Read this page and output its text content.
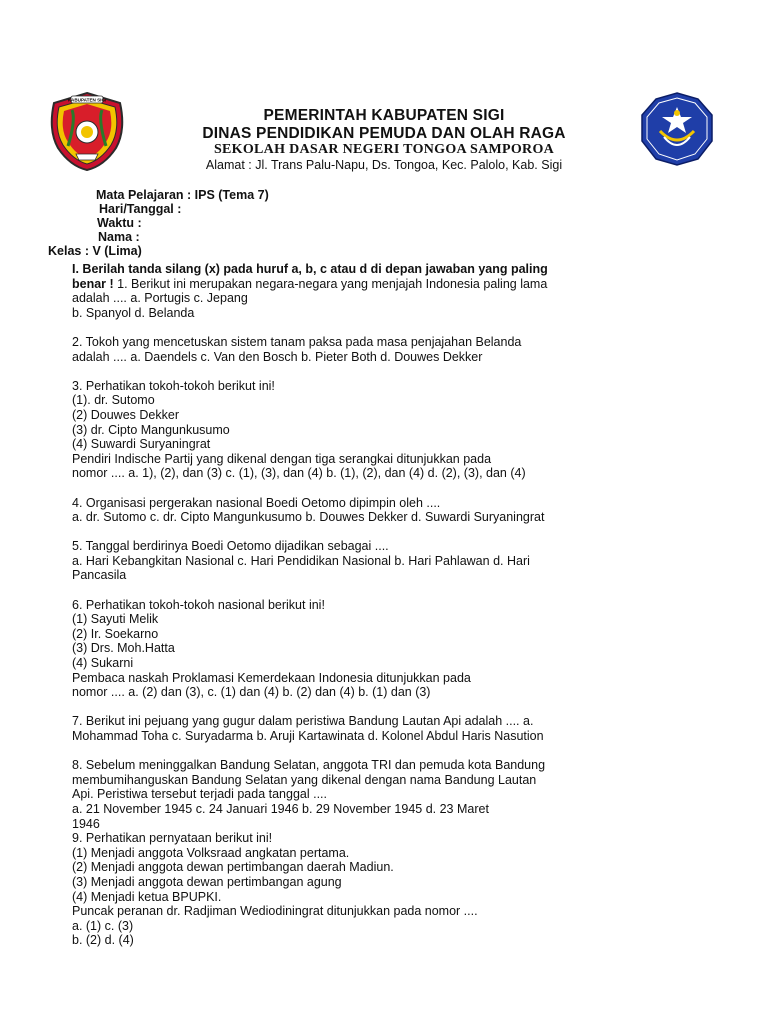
KABUPATEN SIGI
PEMERINTAH KABUPATEN SIGI
DINAS PENDIDIKAN PEMUDA DAN OLAH RAGA
SEKOLAH DASAR NEGERI TONGOA SAMPOROA
Alamat : Jl. Trans Palu-Napu, Ds. Tongoa, Kec. Palolo, Kab. Sigi
Mata Pelajaran : IPS (Tema 7)
Hari/Tanggal :
Waktu :
Nama :
Kelas : V (Lima)
I. Berilah tanda silang (x) pada huruf a, b, c atau d di depan jawaban yang paling
benar ! 1. Berikut ini merupakan negara-negara yang menjajah Indonesia paling lama
adalah .... a. Portugis c. Jepang
b. Spanyol d. Belanda
2. Tokoh yang mencetuskan sistem tanam paksa pada masa penjajahan Belanda
adalah .... a. Daendels c. Van den Bosch b. Pieter Both d. Douwes Dekker
3. Perhatikan tokoh-tokoh berikut ini!
(1). dr. Sutomo
(2) Douwes Dekker
(3) dr. Cipto Mangunkusumo
(4) Suwardi Suryaningrat
Pendiri Indische Partij yang dikenal dengan tiga serangkai ditunjukkan pada
nomor .... a. 1), (2), dan (3) c. (1), (3), dan (4) b. (1), (2), dan (4) d. (2), (3), dan (4)
4. Organisasi pergerakan nasional Boedi Oetomo dipimpin oleh ....
a. dr. Sutomo c. dr. Cipto Mangunkusumo b. Douwes Dekker d. Suwardi Suryaningrat
5. Tanggal berdirinya Boedi Oetomo dijadikan sebagai ....
a. Hari Kebangkitan Nasional c. Hari Pendidikan Nasional b. Hari Pahlawan d. Hari
Pancasila
6. Perhatikan tokoh-tokoh nasional berikut ini!
(1) Sayuti Melik
(2) Ir. Soekarno
(3) Drs. Moh.Hatta
(4) Sukarni
Pembaca naskah Proklamasi Kemerdekaan Indonesia ditunjukkan pada
nomor .... a. (2) dan (3), c. (1) dan (4) b. (2) dan (4) b. (1) dan (3)
7. Berikut ini pejuang yang gugur dalam peristiwa Bandung Lautan Api adalah .... a.
Mohammad Toha c. Suryadarma b. Aruji Kartawinata d. Kolonel Abdul Haris Nasution
8. Sebelum meninggalkan Bandung Selatan, anggota TRI dan pemuda kota Bandung
membumihanguskan Bandung Selatan yang dikenal dengan nama Bandung Lautan
Api. Peristiwa tersebut terjadi pada tanggal ....
a. 21 November 1945 c. 24 Januari 1946 b. 29 November 1945 d. 23 Maret
1946
9. Perhatikan pernyataan berikut ini!
(1) Menjadi anggota Volksraad angkatan pertama.
(2) Menjadi anggota dewan pertimbangan daerah Madiun.
(3) Menjadi anggota dewan pertimbangan agung
(4) Menjadi ketua BPUPKI.
Puncak peranan dr. Radjiman Wediodiningrat ditunjukkan pada nomor ....
a. (1) c. (3)
b. (2) d. (4)
